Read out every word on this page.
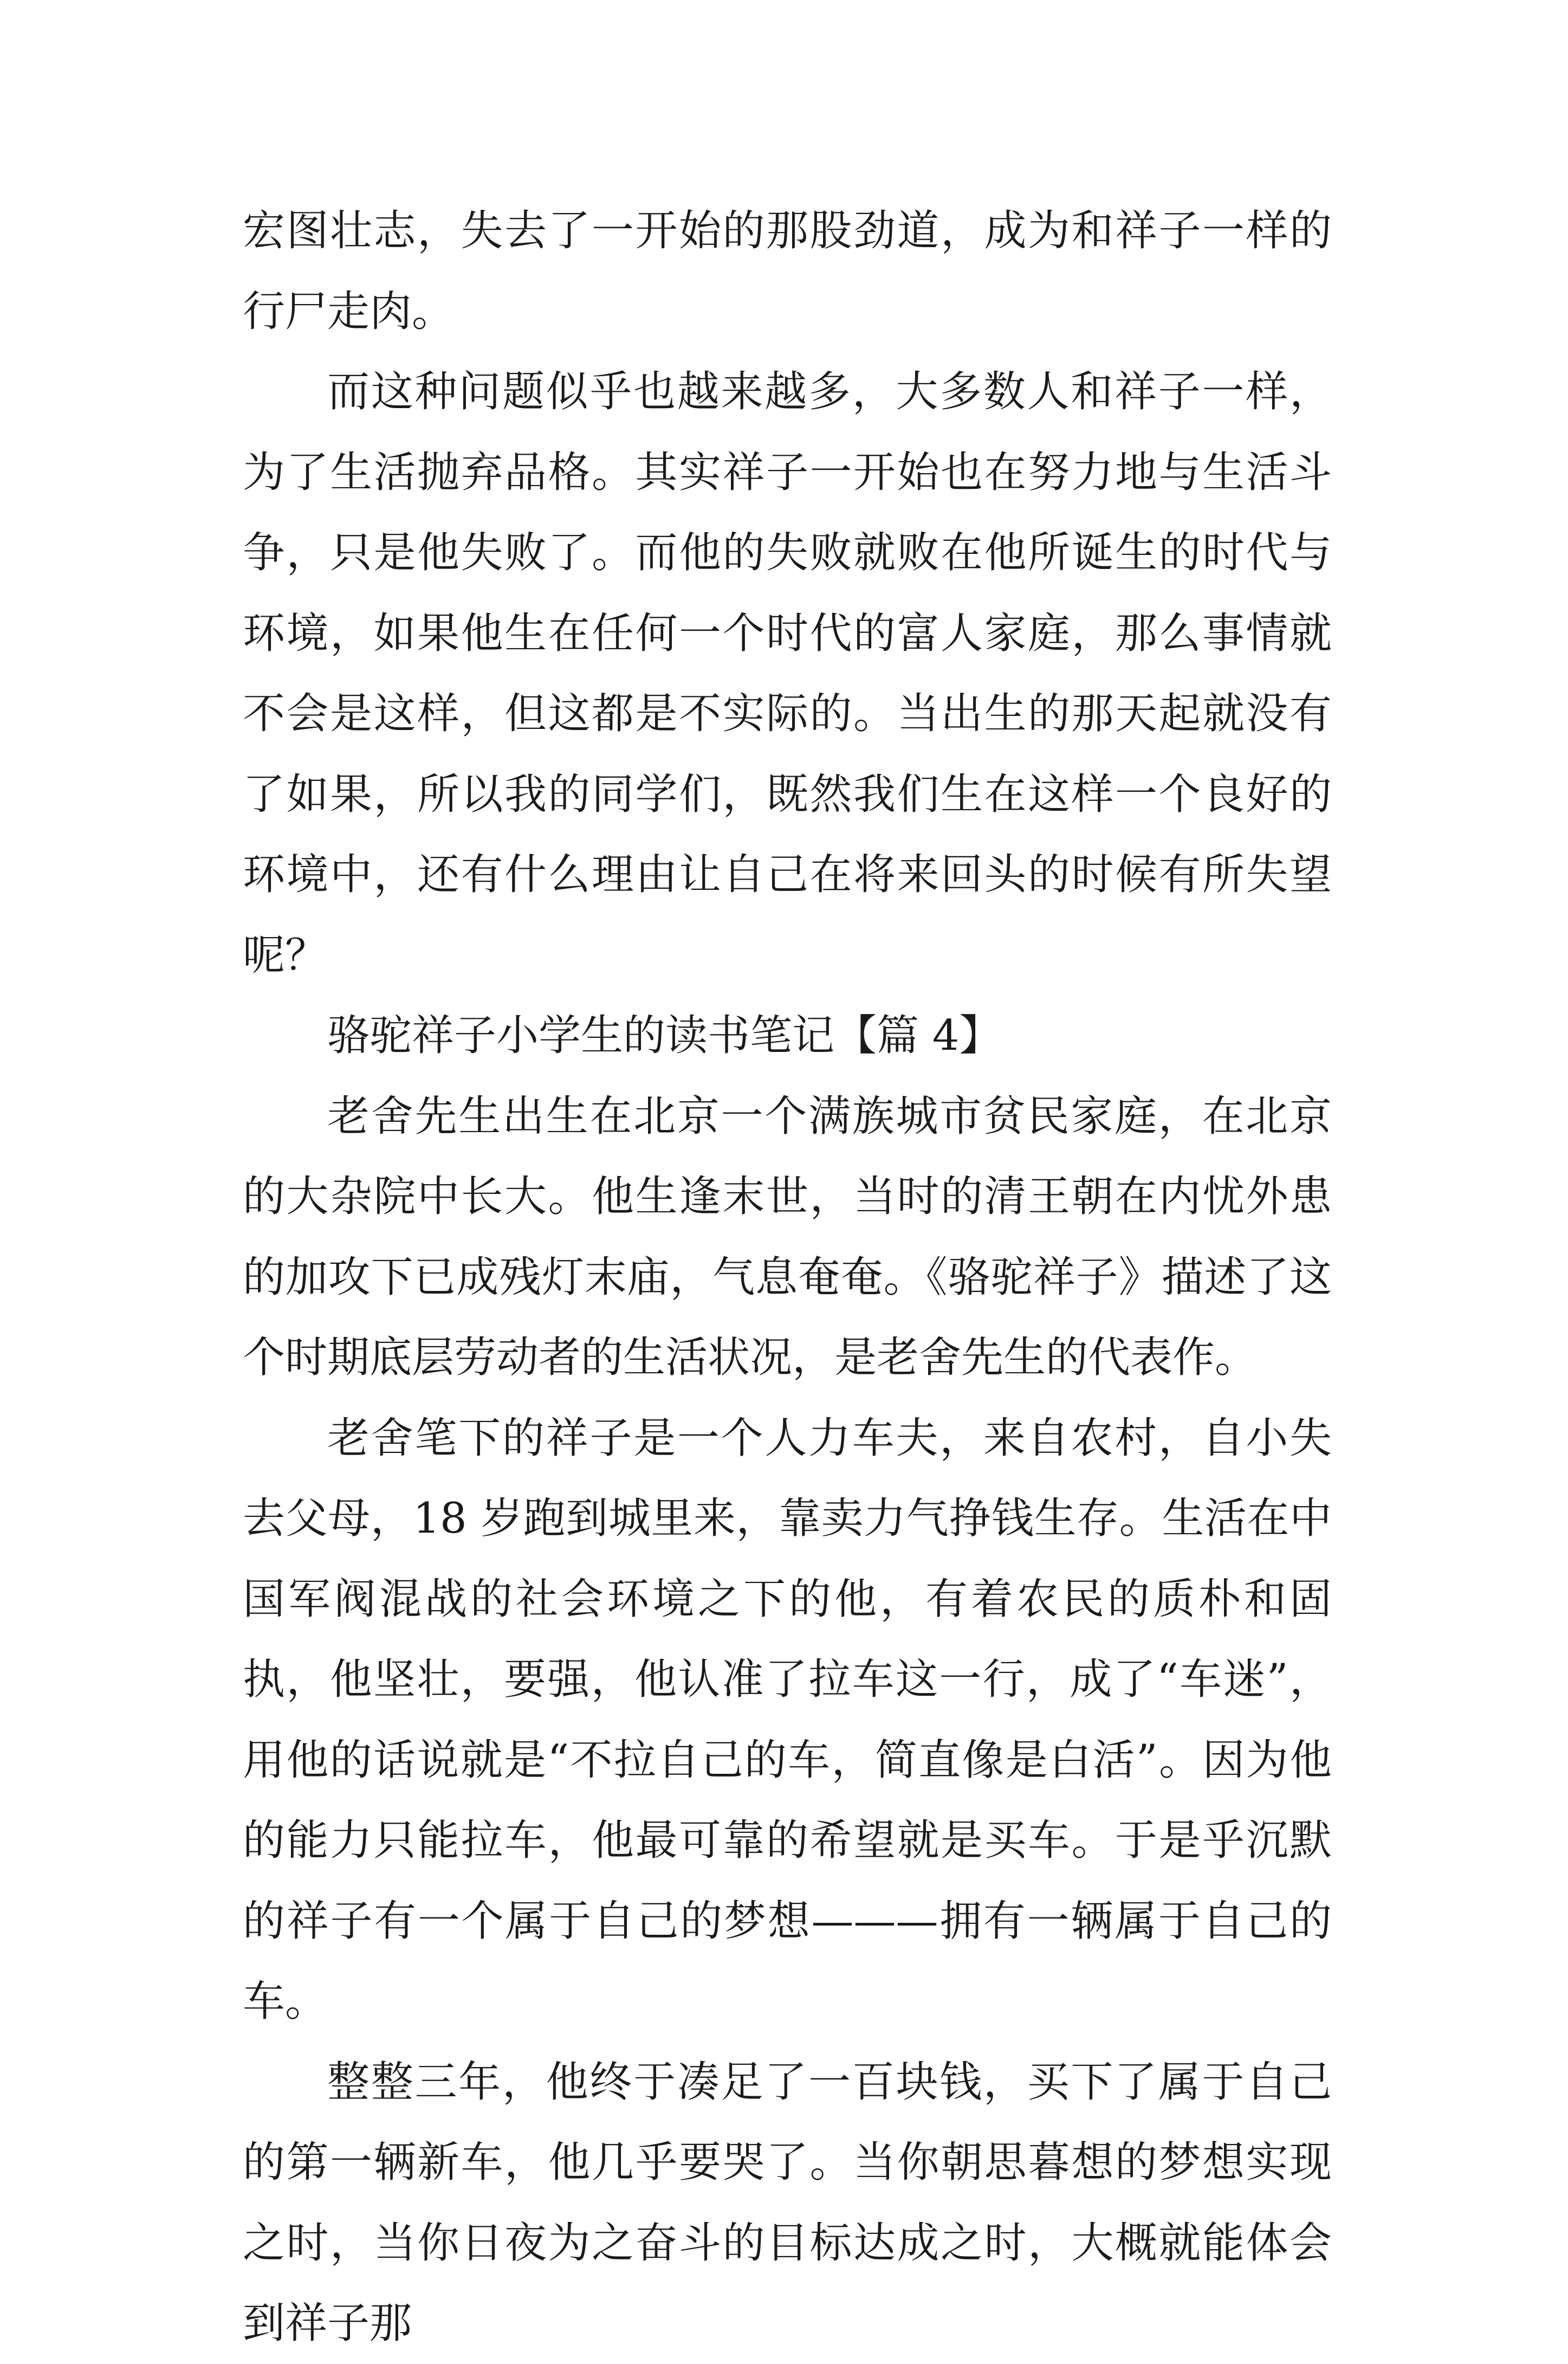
宏图壮志，失去了一开始的那股劲道，成为和祥子一样的行尸走肉。

而这种问题似乎也越来越多，大多数人和祥子一样，为了生活抛弃品格。其实祥子一开始也在努力地与生活斗争，只是他失败了。而他的失败就败在他所诞生的时代与环境，如果他生在任何一个时代的富人家庭，那么事情就不会是这样，但这都是不实际的。当出生的那天起就没有了如果，所以我的同学们，既然我们生在这样一个良好的环境中，还有什么理由让自己在将来回头的时候有所失望呢？

骆驼祥子小学生的读书笔记【篇 4】

老舍先生出生在北京一个满族城市贫民家庭，在北京的大杂院中长大。他生逢末世，当时的清王朝在内忧外患的加攻下已成残灯末庙，气息奄奄。《骆驼祥子》描述了这个时期底层劳动者的生活状况，是老舍先生的代表作。

老舍笔下的祥子是一个人力车夫，来自农村，自小失去父母，18 岁跑到城里来，靠卖力气挣钱生存。生活在中国军阀混战的社会环境之下的他，有着农民的质朴和固执，他坚壮，要强，他认准了拉车这一行，成了“车迷”，用他的话说就是“不拉自己的车，简直像是白活”。因为他的能力只能拉车，他最可靠的希望就是买车。于是乎沉默的祥子有一个属于自己的梦想———拥有一辆属于自己的车。

整整三年，他终于凑足了一百块钱，买下了属于自己的第一辆新车，他几乎要哭了。当你朝思暮想的梦想实现之时，当你日夜为之奋斗的目标达成之时，大概就能体会到祥子那
